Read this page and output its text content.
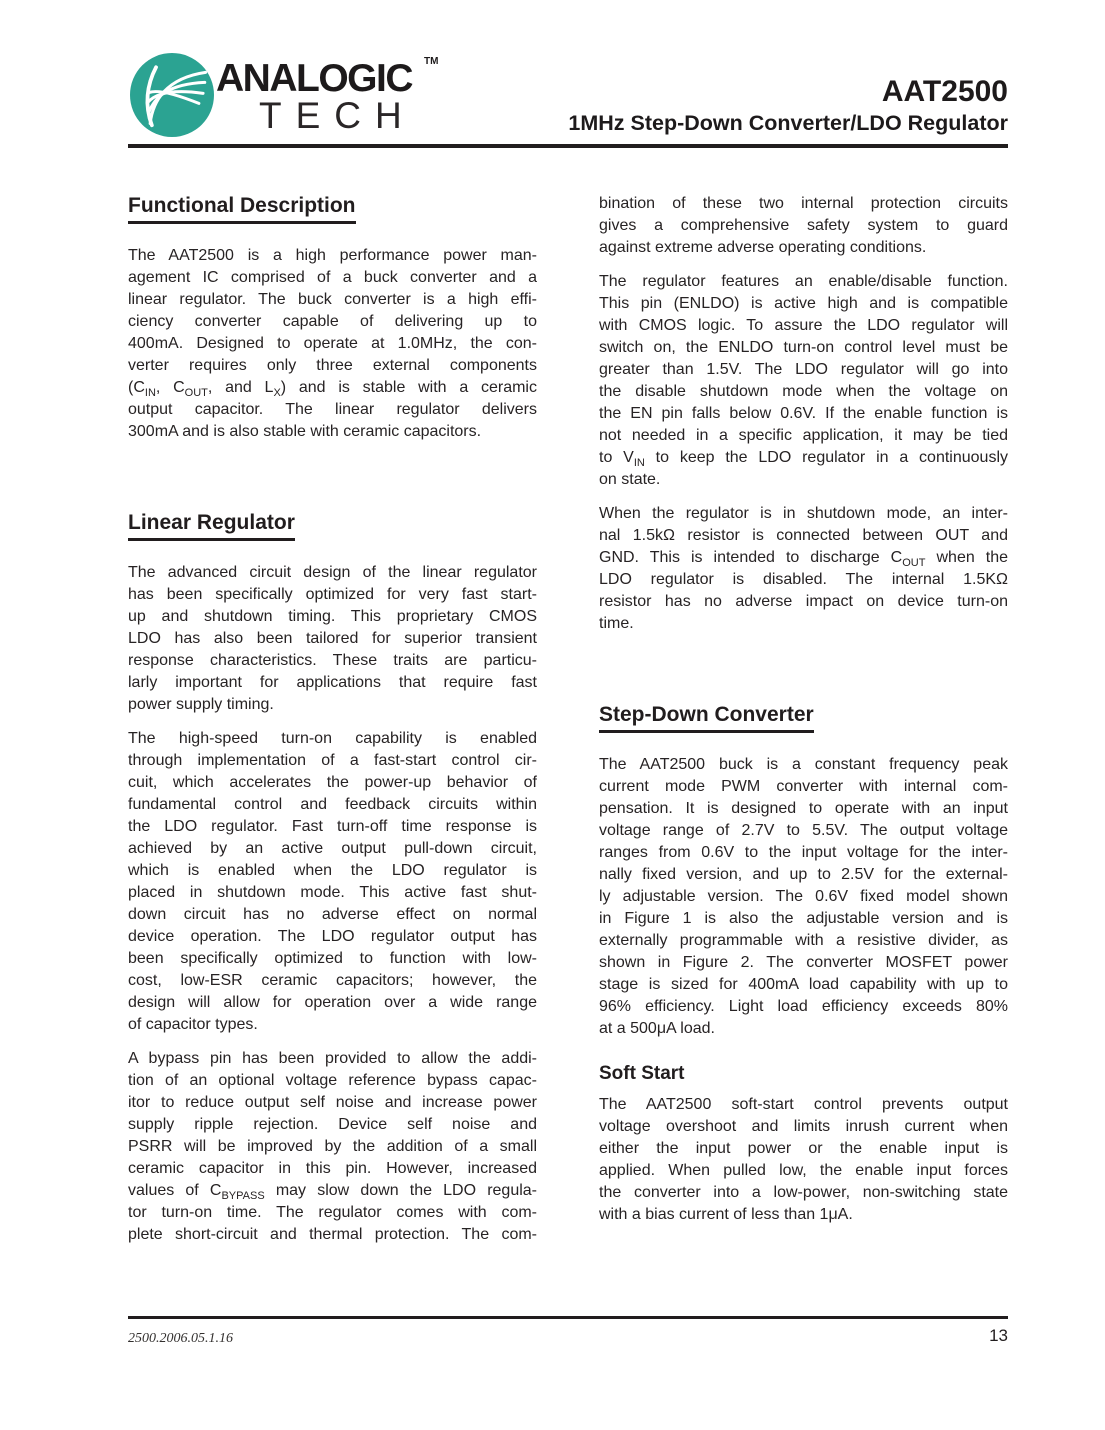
ANALOGIC TM
TECH
AAT2500
1MHz Step-Down Converter/LDO Regulator
Functional Description
The AAT2500 is a high performance power man-
agement IC comprised of a buck converter and a
linear regulator. The buck converter is a high effi-
ciency converter capable of delivering up to
400mA. Designed to operate at 1.0MHz, the con-
verter requires only three external components
($C_{IN}$, $C_{OUT}$, and $L_X$) and is stable with a ceramic
output capacitor. The linear regulator delivers
300mA and is also stable with ceramic capacitors.
Linear Regulator
The advanced circuit design of the linear regulator
has been specifically optimized for very fast start-
up and shutdown timing. This proprietary CMOS
LDO has also been tailored for superior transient
response characteristics. These traits are particu-
larly important for applications that require fast
power supply timing.
The high-speed turn-on capability is enabled
through implementation of a fast-start control cir-
cuit, which accelerates the power-up behavior of
fundamental control and feedback circuits within
the LDO regulator. Fast turn-off time response is
achieved by an active output pull-down circuit,
which is enabled when the LDO regulator is
placed in shutdown mode. This active fast shut-
down circuit has no adverse effect on normal
device operation. The LDO regulator output has
been specifically optimized to function with low-
cost, low-ESR ceramic capacitors; however, the
design will allow for operation over a wide range
of capacitor types.
A bypass pin has been provided to allow the addi-
tion of an optional voltage reference bypass capac-
itor to reduce output self noise and increase power
supply ripple rejection. Device self noise and
PSRR will be improved by the addition of a small
ceramic capacitor in this pin. However, increased
values of $C_{BYPASS}$ may slow down the LDO regula-
tor turn-on time. The regulator comes with com-
plete short-circuit and thermal protection. The com-
bination of these two internal protection circuits
gives a comprehensive safety system to guard
against extreme adverse operating conditions.
The regulator features an enable/disable function.
This pin (ENLDO) is active high and is compatible
with CMOS logic. To assure the LDO regulator will
switch on, the ENLDO turn-on control level must be
greater than 1.5V. The LDO regulator will go into
the disable shutdown mode when the voltage on
the EN pin falls below 0.6V. If the enable function is
not needed in a specific application, it may be tied
to $V_{IN}$ to keep the LDO regulator in a continuously
on state.
When the regulator is in shutdown mode, an inter-
nal 1.5kΩ resistor is connected between OUT and
GND. This is intended to discharge $C_{OUT}$ when the
LDO regulator is disabled. The internal 1.5KΩ
resistor has no adverse impact on device turn-on
time.
Step-Down Converter
The AAT2500 buck is a constant frequency peak
current mode PWM converter with internal com-
pensation. It is designed to operate with an input
voltage range of 2.7V to 5.5V. The output voltage
ranges from 0.6V to the input voltage for the inter-
nally fixed version, and up to 2.5V for the external-
ly adjustable version. The 0.6V fixed model shown
in Figure 1 is also the adjustable version and is
externally programmable with a resistive divider, as
shown in Figure 2. The converter MOSFET power
stage is sized for 400mA load capability with up to
96% efficiency. Light load efficiency exceeds 80%
at a 500μA load.
Soft Start
The AAT2500 soft-start control prevents output
voltage overshoot and limits inrush current when
either the input power or the enable input is
applied. When pulled low, the enable input forces
the converter into a low-power, non-switching state
with a bias current of less than 1μA.
2500.2006.05.1.16	13
